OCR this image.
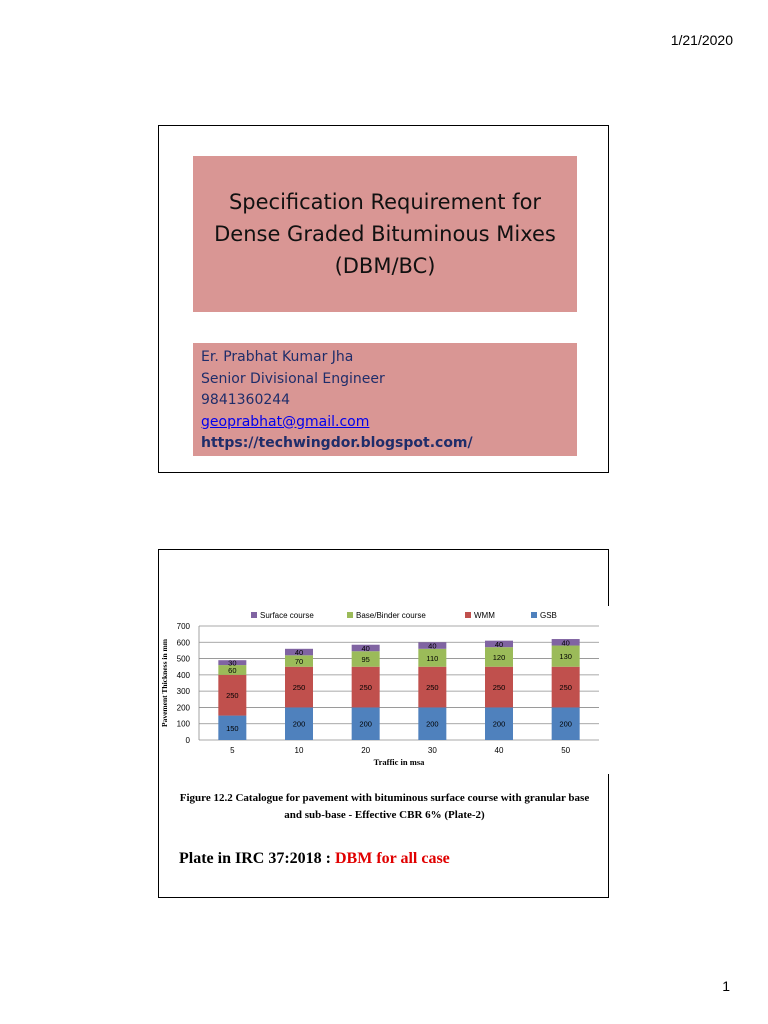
1/21/2020
Specification Requirement for
Dense Graded Bituminous Mixes
(DBM/BC)
Er. Prabhat Kumar Jha
Senior Divisional Engineer
9841360244
geoprabhat@gmail.com
https://techwingdor.blogspot.com/
0
100
200
300
400
500
600
700
150
250
60
30
5
200
250
70
40
10
200
250
95
40
20
200
250
110
40
30
200
250
120
40
40
200
250
130
40
50
Surface course	Base/Binder course	WMM	GSB
Traffic in msa
Pavement Thickness in mm
Figure 12.2 Catalogue for pavement with bituminous surface course with granular base
and sub-base - Effective CBR 6% (Plate-2)
Plate in IRC 37:2018 : DBM for all case
1
